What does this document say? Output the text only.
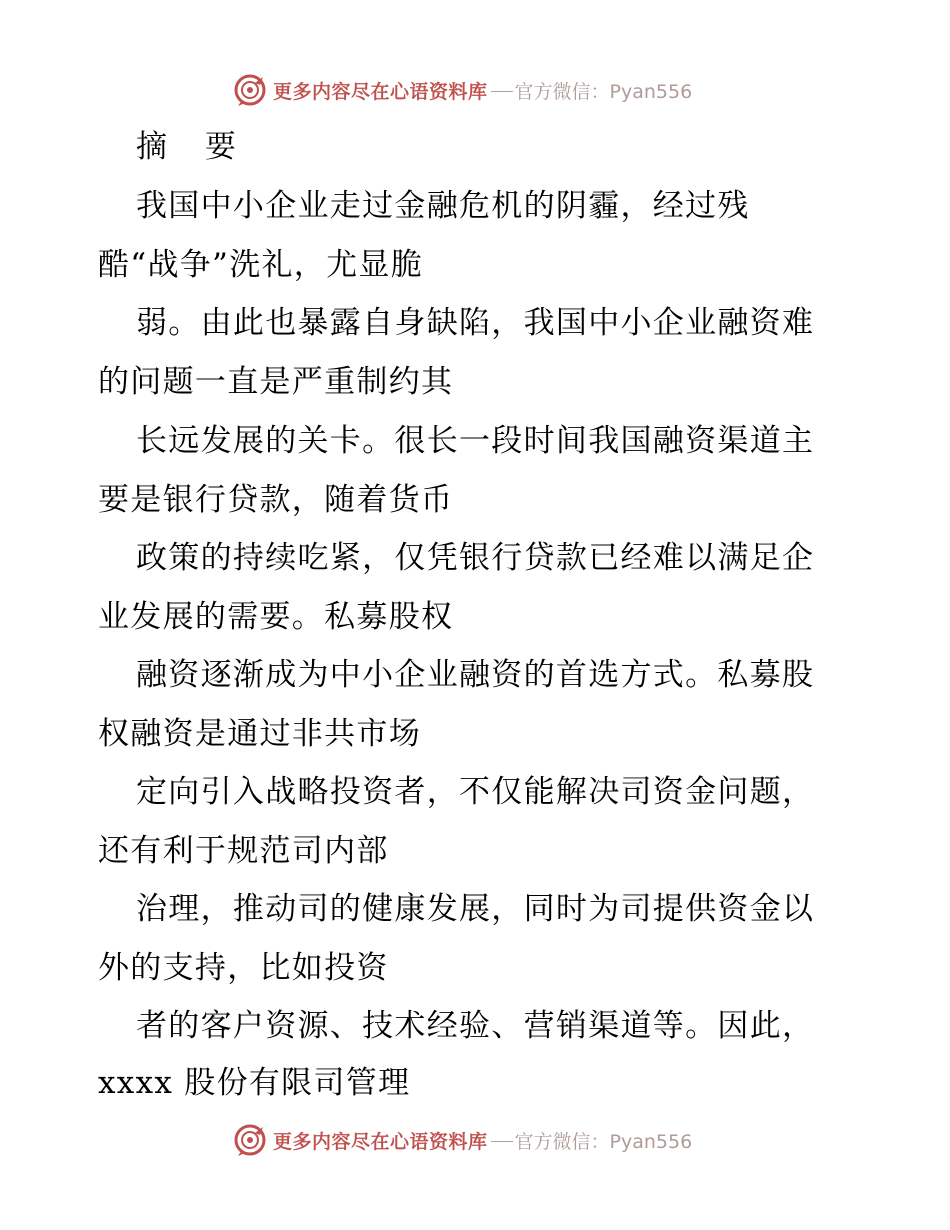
更多内容尽在心语资料库 官方微信：Pyan556
摘 要
我国中小企业走过金融危机的阴霾，经过残
酷“战争”洗礼，尤显脆
弱。由此也暴露自身缺陷，我国中小企业融资难
的问题一直是严重制约其
长远发展的关卡。很长一段时间我国融资渠道主
要是银行贷款，随着货币
政策的持续吃紧，仅凭银行贷款已经难以满足企
业发展的需要。私募股权
融资逐渐成为中小企业融资的首选方式。私募股
权融资是通过非共市场
定向引入战略投资者，不仅能解决司资金问题，
还有利于规范司内部
治理，推动司的健康发展，同时为司提供资金以
外的支持，比如投资
者的客户资源、技术经验、营销渠道等。因此，
xxxx 股份有限司管理
更多内容尽在心语资料库 官方微信：Pyan556
